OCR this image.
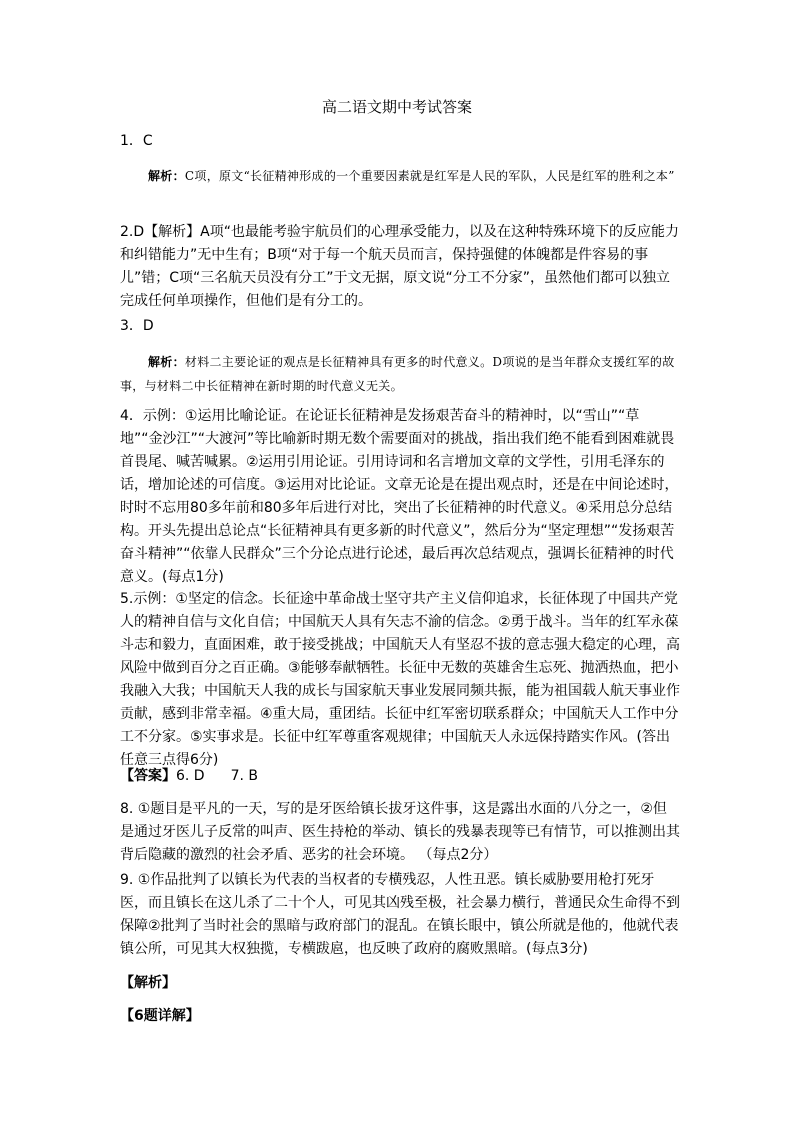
高二语文期中考试答案

1．C

解析：C项，原文“长征精神形成的一个重要因素就是红军是人民的军队，人民是红军的胜利之本”

2.D【解析】A项“也最能考验宇航员们的心理承受能力，以及在这种特殊环境下的反应能力和纠错能力”无中生有；B项“对于每一个航天员而言，保持强健的体魄都是件容易的事儿”错；C项“三名航天员没有分工”于文无据，原文说“分工不分家”，虽然他们都可以独立完成任何单项操作，但他们是有分工的。

3．D

解析：材料二主要论证的观点是长征精神具有更多的时代意义。D项说的是当年群众支援红军的故事，与材料二中长征精神在新时期的时代意义无关。

4．示例：①运用比喻论证。在论证长征精神是发扬艰苦奋斗的精神时，以“雪山”“草地”“金沙江”“大渡河”等比喻新时期无数个需要面对的挑战，指出我们绝不能看到困难就畏首畏尾、喊苦喊累。②运用引用论证。引用诗词和名言增加文章的文学性，引用毛泽东的话，增加论述的可信度。③运用对比论证。文章无论是在提出观点时，还是在中间论述时，时时不忘用80多年前和80多年后进行对比，突出了长征精神的时代意义。④采用总分总结构。开头先提出总论点“长征精神具有更多新的时代意义”，然后分为“坚定理想”“发扬艰苦奋斗精神”“依靠人民群众”三个分论点进行论述，最后再次总结观点，强调长征精神的时代意义。(每点1分)

5.示例：①坚定的信念。长征途中革命战士坚守共产主义信仰追求，长征体现了中国共产党人的精神自信与文化自信；中国航天人具有矢志不渝的信念。②勇于战斗。当年的红军永葆斗志和毅力，直面困难，敢于接受挑战；中国航天人有坚忍不拔的意志强大稳定的心理，高风险中做到百分之百正确。③能够奉献牺牲。长征中无数的英雄舍生忘死、抛洒热血，把小我融入大我；中国航天人我的成长与国家航天事业发展同频共振，能为祖国载人航天事业作贡献，感到非常幸福。④重大局，重团结。长征中红军密切联系群众；中国航天人工作中分工不分家。⑤实事求是。长征中红军尊重客观规律；中国航天人永远保持踏实作风。(答出任意三点得6分)

【答案】6. D 7. B

8. ①题目是平凡的一天，写的是牙医给镇长拔牙这件事，这是露出水面的八分之一，②但是通过牙医儿子反常的叫声、医生持枪的举动、镇长的残暴表现等已有情节，可以推测出其背后隐藏的激烈的社会矛盾、恶劣的社会环境。 （每点2分）

9. ①作品批判了以镇长为代表的当权者的专横残忍，人性丑恶。镇长威胁要用枪打死牙医，而且镇长在这儿杀了二十个人，可见其凶残至极，社会暴力横行，普通民众生命得不到保障②批判了当时社会的黑暗与政府部门的混乱。在镇长眼中，镇公所就是他的，他就代表镇公所，可见其大权独揽，专横跋扈，也反映了政府的腐败黑暗。(每点3分)

【解析】

【6题详解】
